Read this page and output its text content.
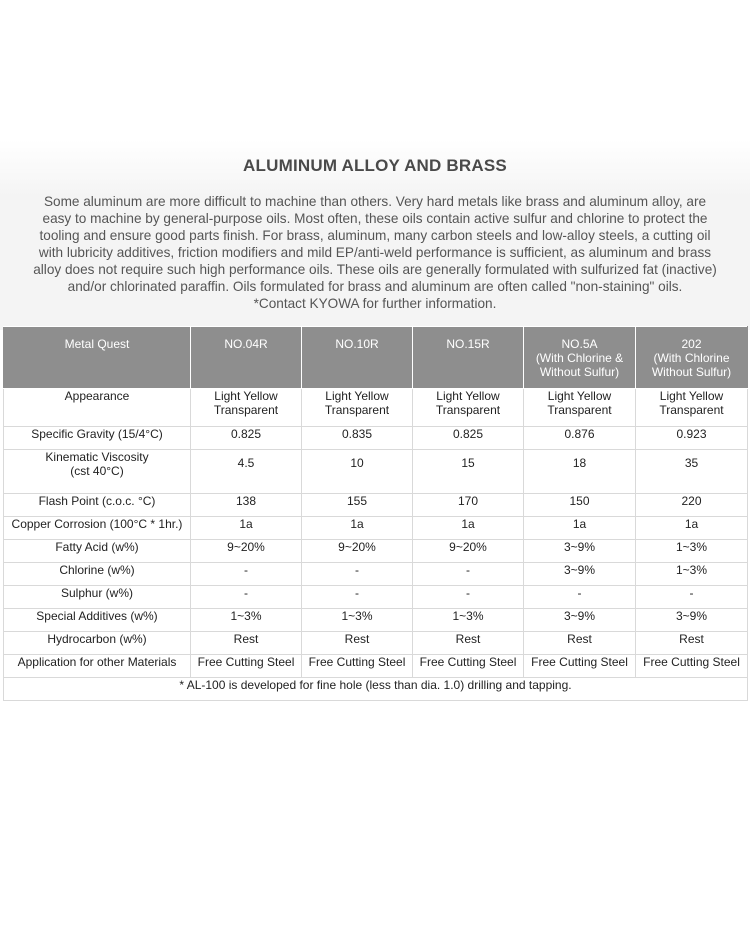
ALUMINUM ALLOY AND BRASS

Some aluminum are more difficult to machine than others. Very hard metals like brass and aluminum alloy, are

easy to machine by general-purpose oils. Most often, these oils contain active sulfur and chlorine to protect the

tooling and ensure good parts finish. For brass, aluminum, many carbon steels and low-alloy steels, a cutting oil

with lubricity additives, friction modifiers and mild EP/anti-weld performance is sufficient, as aluminum and brass

alloy does not require such high performance oils. These oils are generally formulated with sulfurized fat (inactive)

and/or chlorinated paraffin. Oils formulated for brass and aluminum are often called "non-staining" oils.

*Contact KYOWA for further information.

Metal Quest	NO.04R	NO.10R	NO.15R	NO.5A
(With Chlorine &
Without Sulfur)	202
(With Chlorine
Without Sulfur)

Appearance	Light Yellow
Transparent	Light Yellow
Transparent	Light Yellow
Transparent	Light Yellow
Transparent	Light Yellow
Transparent

Specific Gravity (15/4°C)	0.825	0.835	0.825	0.876	0.923

Kinematic Viscosity
(cst 40°C)	4.5	10	15	18	35
Flash Point (c.o.c. °C)	138	155	170	150	220
Copper Corrosion (100°C * 1hr.)	1a	1a	1a	1a	1a
Fatty Acid (w%)	9~20%	9~20%	9~20%	3~9%	1~3%
Chlorine (w%)	-	-	-	3~9%	1~3%
Sulphur (w%)	-	-	-	-	-
Special Additives (w%)	1~3%	1~3%	1~3%	3~9%	3~9%
Hydrocarbon (w%)	Rest	Rest	Rest	Rest	Rest
Application for other Materials	Free Cutting Steel	Free Cutting Steel	Free Cutting Steel	Free Cutting Steel	Free Cutting Steel
* AL-100 is developed for fine hole (less than dia. 1.0) drilling and tapping.					
